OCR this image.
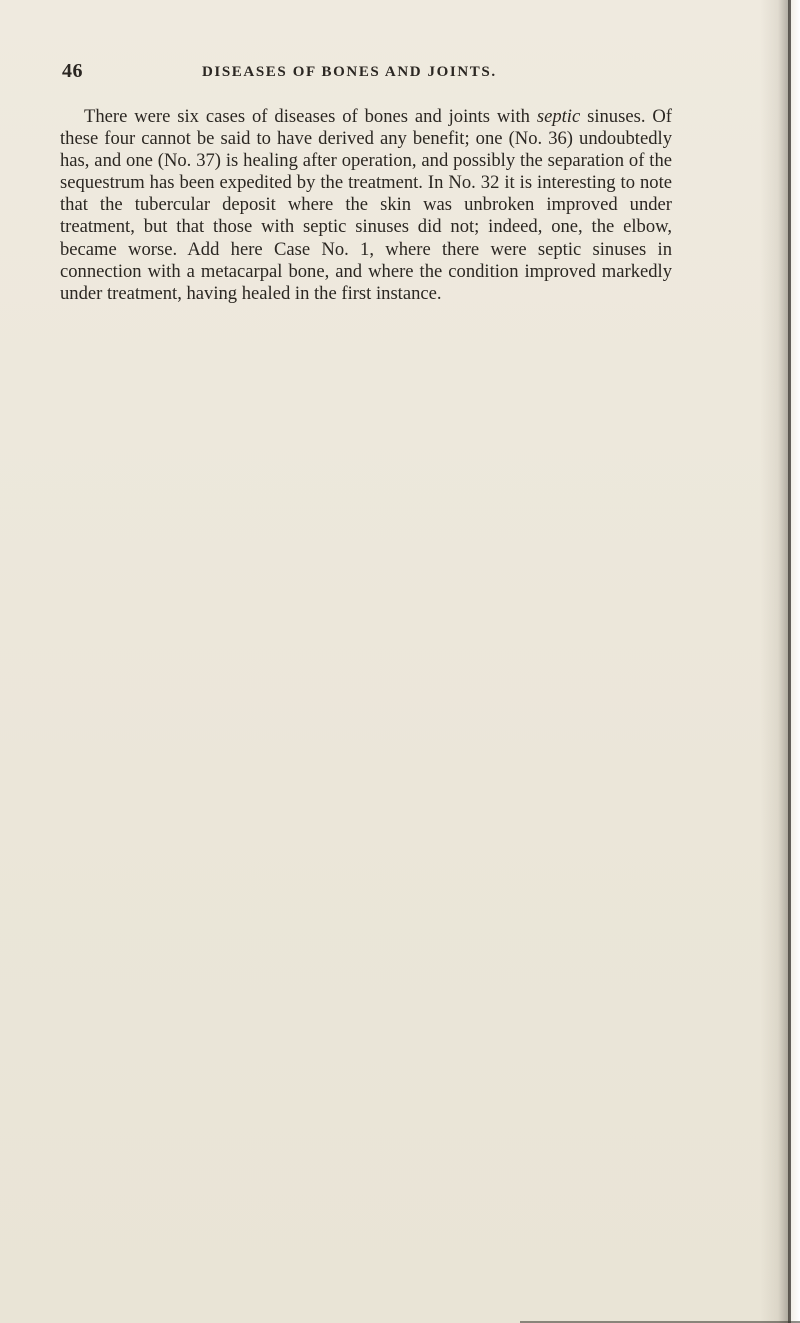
46	DISEASES OF BONES AND JOINTS.

There were six cases of diseases of bones and joints with septic sinuses. Of these four cannot be said to have derived any benefit; one (No. 36) undoubtedly has, and one (No. 37) is healing after operation, and possibly the separation of the sequestrum has been expedited by the treatment. In No. 32 it is interesting to note that the tubercular deposit where the skin was unbroken improved under treatment, but that those with septic sinuses did not; indeed, one, the elbow, became worse. Add here Case No. 1, where there were septic sinuses in connection with a metacarpal bone, and where the condition improved markedly under treatment, having healed in the first instance.
